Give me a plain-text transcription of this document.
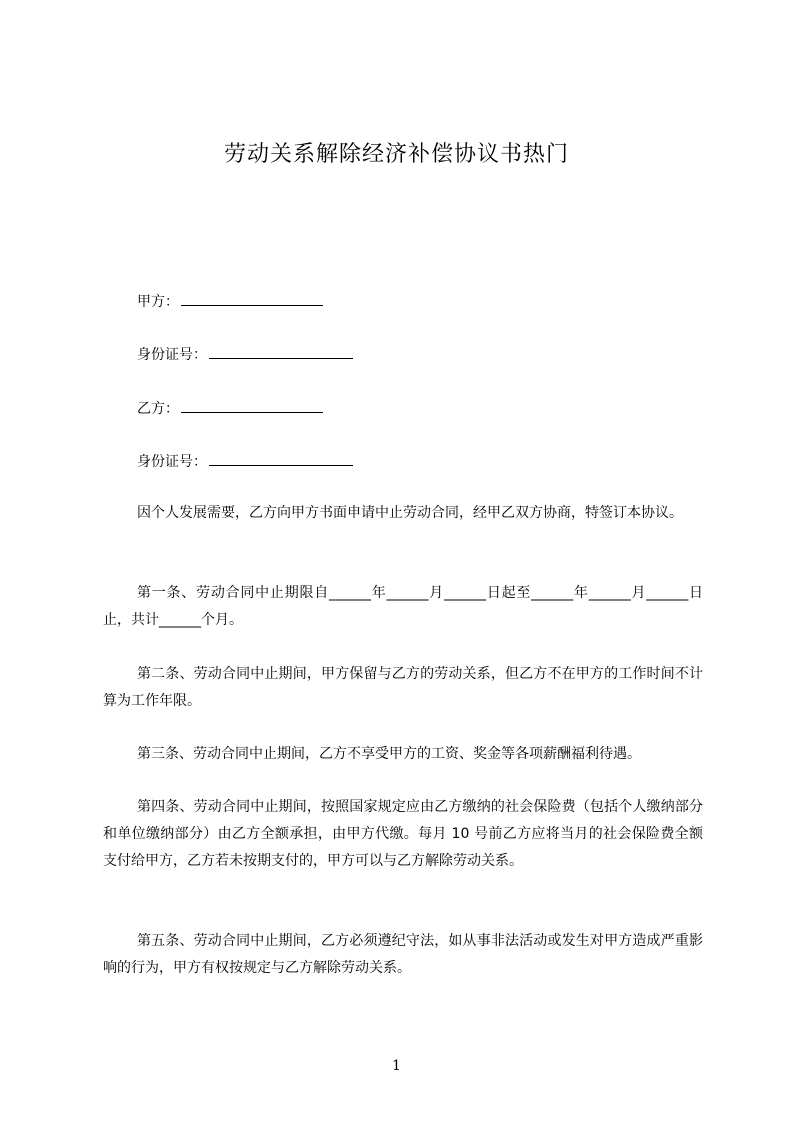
劳动关系解除经济补偿协议书热门
甲方：
身份证号：
乙方：
身份证号：
因个人发展需要，乙方向甲方书面申请中止劳动合同，经甲乙双方协商，特签订本协议。
第一条、劳动合同中止期限自______年______月______日起至______年______月______日止，共计______个月。
第二条、劳动合同中止期间，甲方保留与乙方的劳动关系，但乙方不在甲方的工作时间不计算为工作年限。
第三条、劳动合同中止期间，乙方不享受甲方的工资、奖金等各项薪酬福利待遇。
第四条、劳动合同中止期间，按照国家规定应由乙方缴纳的社会保险费（包括个人缴纳部分和单位缴纳部分）由乙方全额承担，由甲方代缴。每月 10 号前乙方应将当月的社会保险费全额支付给甲方，乙方若未按期支付的，甲方可以与乙方解除劳动关系。
第五条、劳动合同中止期间，乙方必须遵纪守法，如从事非法活动或发生对甲方造成严重影响的行为，甲方有权按规定与乙方解除劳动关系。
1
